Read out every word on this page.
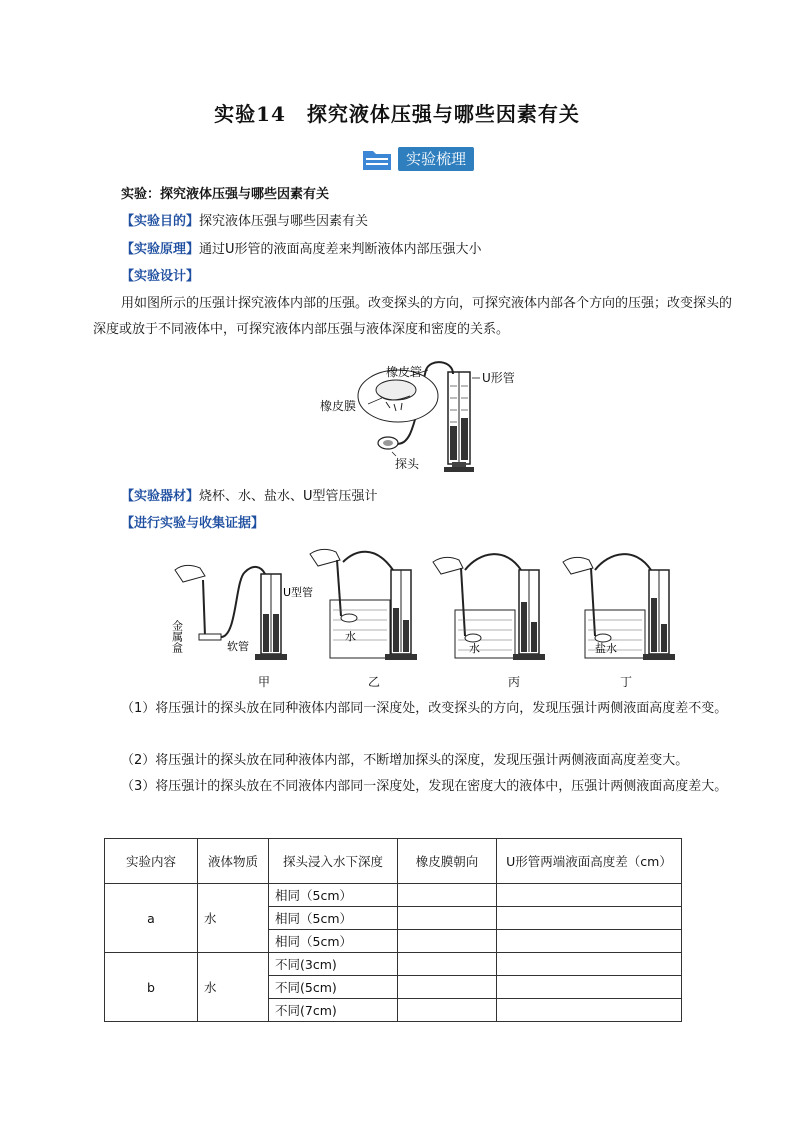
实验14　探究液体压强与哪些因素有关
实验梳理
实验：探究液体压强与哪些因素有关
【实验目的】探究液体压强与哪些因素有关
【实验原理】通过U形管的液面高度差来判断液体内部压强大小
【实验设计】
用如图所示的压强计探究液体内部的压强。改变探头的方向，可探究液体内部各个方向的压强；改变探头的深度或放于不同液体中，可探究液体内部压强与液体深度和密度的关系。
橡皮管	U形管
橡皮膜
探头
【实验器材】烧杯、水、盐水、U型管压强计
【进行实验与收集证据】
金属盒	软管
U型管
水
水	盐水
甲	乙	丙	丁
（1）将压强计的探头放在同种液体内部同一深度处，改变探头的方向，发现压强计两侧液面高度差不变。
（2）将压强计的探头放在同种液体内部，不断增加探头的深度，发现压强计两侧液面高度差变大。
（3）将压强计的探头放在不同液体内部同一深度处，发现在密度大的液体中，压强计两侧液面高度差大。
实验内容	液体物质	探头浸入水下深度	橡皮膜朝向	U形管两端液面高度差（cm）
a	水	相同（5cm）		
		相同（5cm）		
		相同（5cm）		
b	水	不同(3cm)		
		不同(5cm)		
		不同(7cm)		
